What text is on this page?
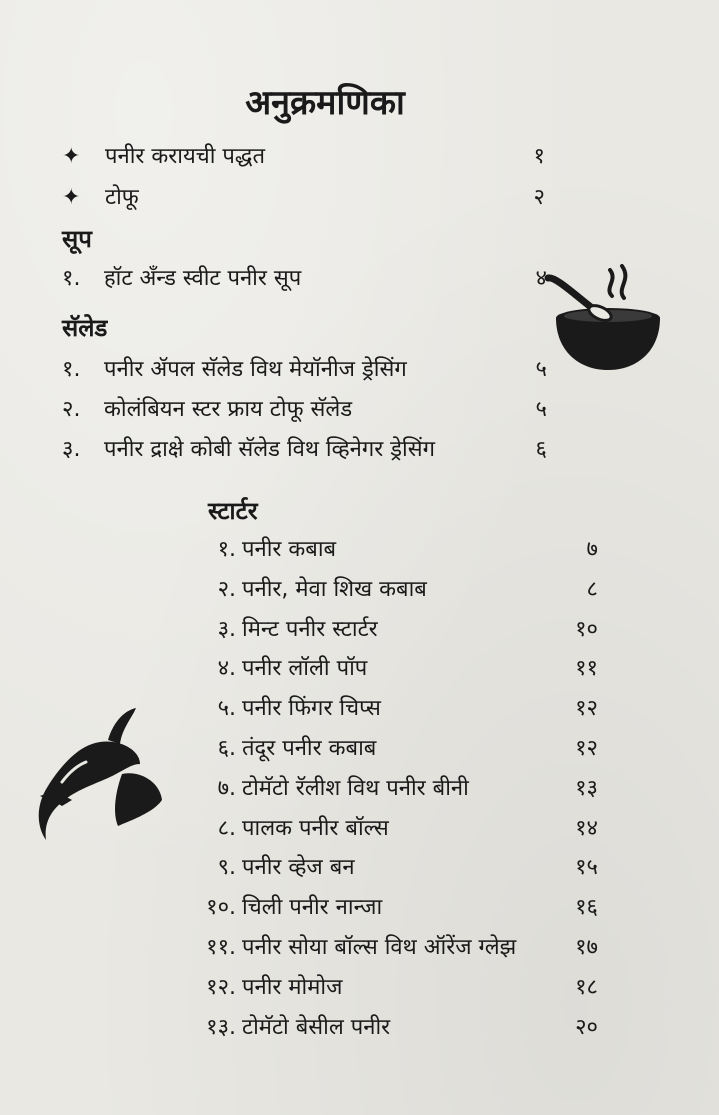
अनुक्रमणिका
✦ पनीर करायची पद्धत	१
✦ टोफू	२
सूप
१. हॉट अँन्ड स्वीट पनीर सूप	४
सॅलेड
१. पनीर ॲपल सॅलेड विथ मेयॉनीज ड्रेसिंग	५
२. कोलंबियन स्टर फ्राय टोफू सॅलेड	५
३. पनीर द्राक्षे कोबी सॅलेड विथ व्हिनेगर ड्रेसिंग	६
स्टार्टर
१. पनीर कबाब	७
२. पनीर, मेवा शिख कबाब	८
३. मिन्ट पनीर स्टार्टर	१०
४. पनीर लॉली पॉप	११
५. पनीर फिंगर चिप्स	१२
६. तंदूर पनीर कबाब	१२
७. टोमॅटो रॅलीश विथ पनीर बीनी	१३
८. पालक पनीर बॉल्स	१४
९. पनीर व्हेज बन	१५
१०. चिली पनीर नान्जा	१६
११. पनीर सोया बॉल्स विथ ऑरेंज ग्लेझ	१७
१२. पनीर मोमोज	१८
१३. टोमॅटो बेसील पनीर	२०
